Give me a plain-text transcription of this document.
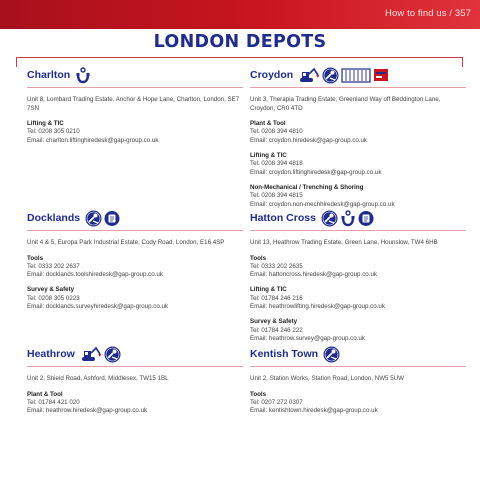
How to find us / 357
LONDON DEPOTS
Charlton
Unit 8, Lombard Trading Estate, Anchor & Hope Lane, Charlton, London, SE7 7SN
Lifting & TIC
Tel: 0208 305 0210
Email: charlton.liftinghiredesk@gap-group.co.uk
Croydon
Unit 3, Therapia Trading Estate, Greenland Way off Beddington Lane, Croydon, CR0 4TD
Plant & Tool
Tel: 0208 394 4810
Email: croydon.hiredesk@gap-group.co.uk
Lifting & TIC
Tel: 0208 394 4818
Email: croydon.liftinghiredesk@gap-group.co.uk
Non-Mechanical / Trenching & Shoring
Tel: 0208 394 4815
Email: croydon.non-mechhiredesk@gap-group.co.uk
Docklands
Unit 4 & 5, Europa Park Industrial Estate, Cody Road, London, E16 4SP
Tools
Tel: 0333 202 2637
Email: docklands.toolshiredesk@gap-group.co.uk
Survey & Safety
Tel: 0208 305 0223
Email: docklands.surveyhiredesk@gap-group.co.uk
Hatton Cross
Unit 13, Heathrow Trading Estate, Green Lane, Hounslow, TW4 6HB
Tools
Tel: 0333 202 2635
Email: hattoncross.hiredesk@gap-group.co.uk
Lifting & TIC
Tel: 01784 246 216
Email: heathrowlifting.hiredesk@gap-group.co.uk
Survey & Safety
Tel: 01784 246 222
Email: heathrow.survey@gap-group.co.uk
Heathrow
Unit 2, Shield Road, Ashford, Middlesex, TW15 1BL
Plant & Tool
Tel: 01784 421 020
Email: heathrow.hiredesk@gap-group.co.uk
Kentish Town
Unit 2, Station Works, Station Road, London, NW5 5UW
Tools
Tel: 0207 272 0307
Email: kentishtown.hiredesk@gap-group.co.uk
